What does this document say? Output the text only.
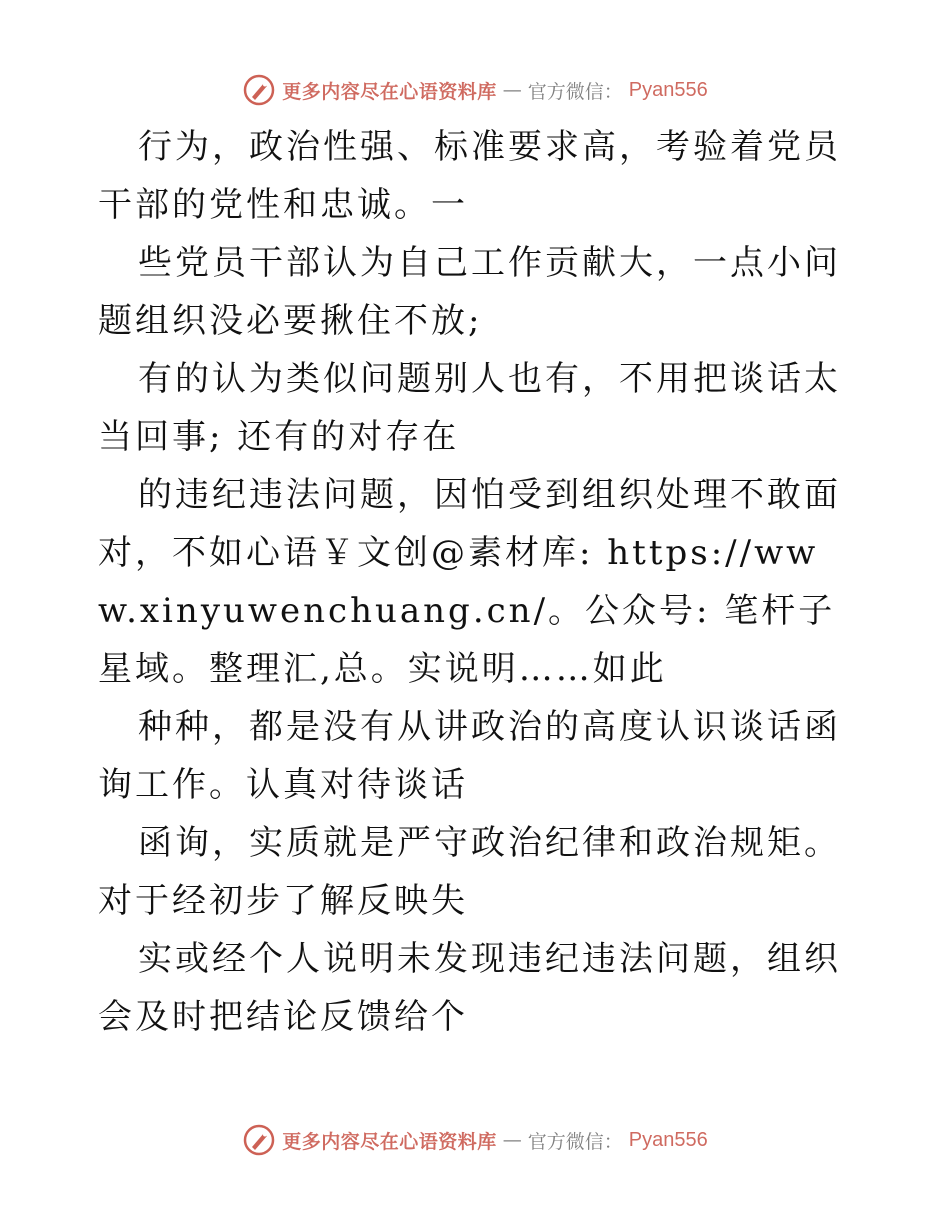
更多内容尽在心语资料库 — 官方微信： Pyan556

行为，政治性强、标准要求高，考验着党员干部的党性和忠诚。一

些党员干部认为自己工作贡献大，一点小问题组织没必要揪住不放;

有的认为类似问题别人也有，不用把谈话太当回事; 还有的对存在

的违纪违法问题，因怕受到组织处理不敢面对，不如心语￥文创@素材库: https://www.xinyuwenchuang.cn/。公众号: 笔杆子星域。整理汇,总。实说明……如此

种种，都是没有从讲政治的高度认识谈话函询工作。认真对待谈话

函询，实质就是严守政治纪律和政治规矩。对于经初步了解反映失

实或经个人说明未发现违纪违法问题，组织会及时把结论反馈给个

更多内容尽在心语资料库 — 官方微信： Pyan556
